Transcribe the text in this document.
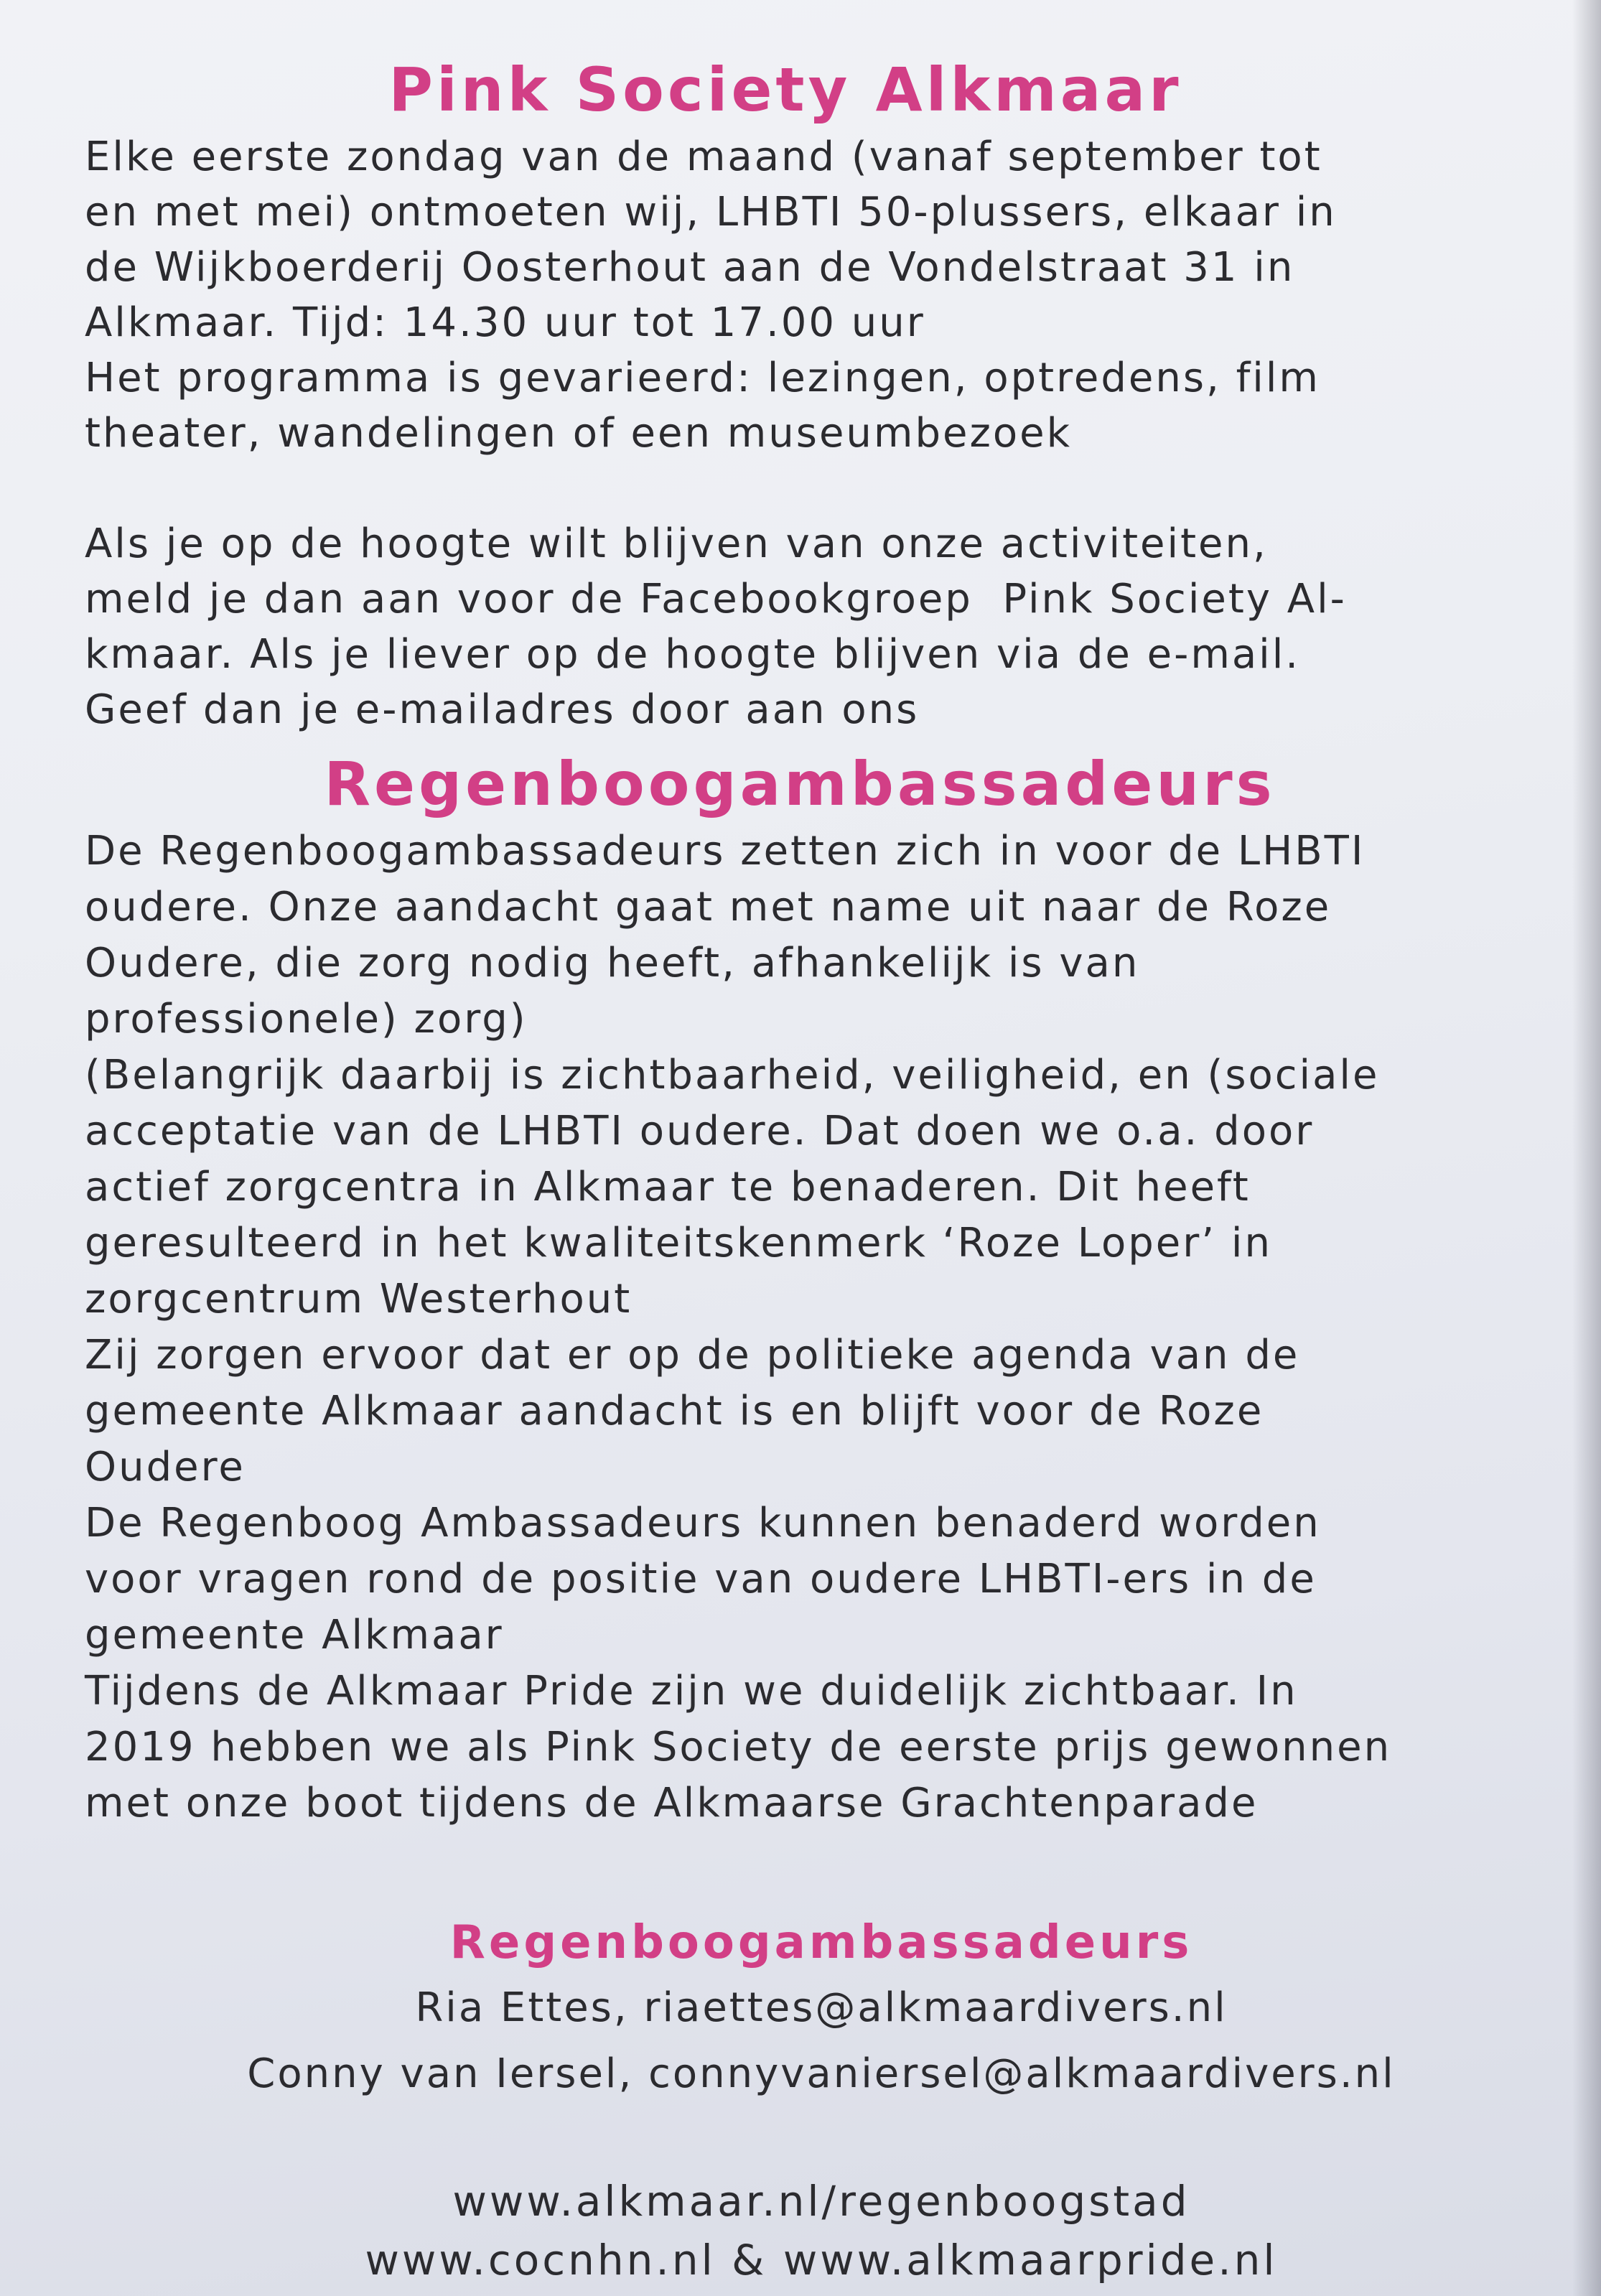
Pink Society Alkmaar

Elke eerste zondag van de maand (vanaf september tot

en met mei) ontmoeten wij, LHBTI 50-plussers, elkaar in

de Wijkboerderij Oosterhout aan de Vondelstraat 31 in

Alkmaar. Tijd: 14.30 uur tot 17.00 uur

Het programma is gevarieerd: lezingen, optredens, film

theater, wandelingen of een museumbezoek

Als je op de hoogte wilt blijven van onze activiteiten,

meld je dan aan voor de Facebookgroep  Pink Society Al-

kmaar. Als je liever op de hoogte blijven via de e-mail.

Geef dan je e-mailadres door aan ons

Regenboogambassadeurs

De Regenboogambassadeurs zetten zich in voor de LHBTI

oudere. Onze aandacht gaat met name uit naar de Roze

Oudere, die zorg nodig heeft, afhankelijk is van

professionele) zorg)

(Belangrijk daarbij is zichtbaarheid, veiligheid, en (sociale

acceptatie van de LHBTI oudere. Dat doen we o.a. door

actief zorgcentra in Alkmaar te benaderen. Dit heeft

geresulteerd in het kwaliteitskenmerk ‘Roze Loper’ in

zorgcentrum Westerhout

Zij zorgen ervoor dat er op de politieke agenda van de

gemeente Alkmaar aandacht is en blijft voor de Roze

Oudere

De Regenboog Ambassadeurs kunnen benaderd worden

voor vragen rond de positie van oudere LHBTI-ers in de

gemeente Alkmaar

Tijdens de Alkmaar Pride zijn we duidelijk zichtbaar. In

2019 hebben we als Pink Society de eerste prijs gewonnen

met onze boot tijdens de Alkmaarse Grachtenparade

Regenboogambassadeurs

Ria Ettes, riaettes@alkmaardivers.nl

Conny van Iersel, connyvaniersel@alkmaardivers.nl

www.alkmaar.nl/regenboogstad

www.cocnhn.nl & www.alkmaarpride.nl
